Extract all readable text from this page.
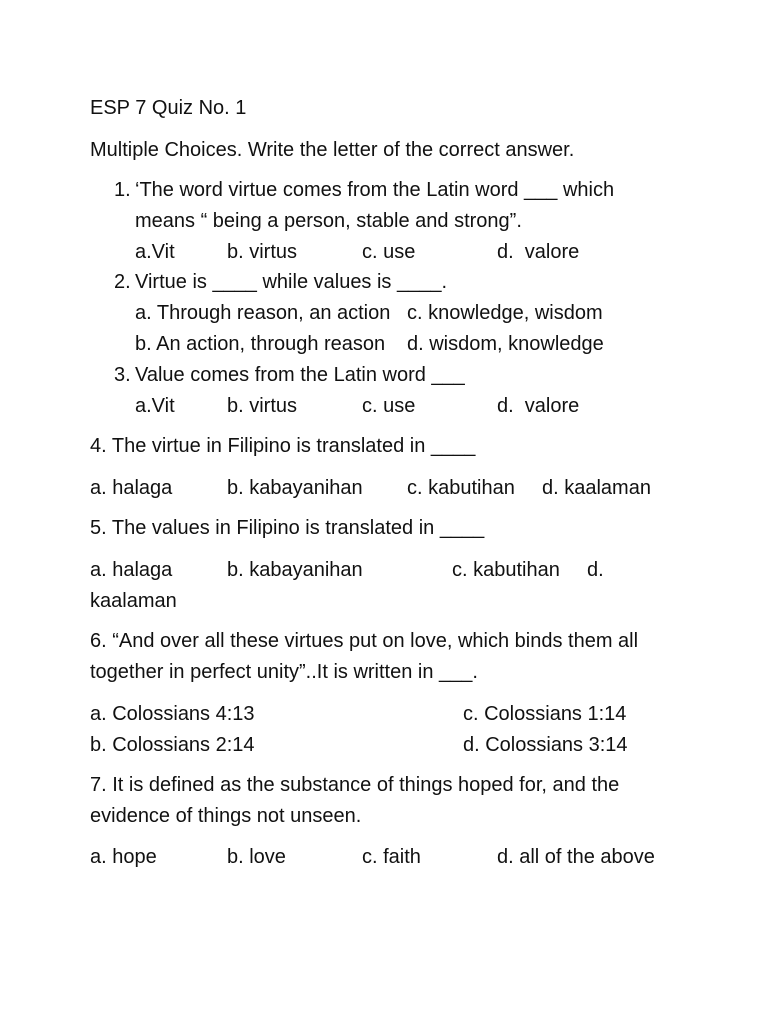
ESP 7 Quiz No. 1
Multiple Choices. Write the letter of the correct answer.
1. ‘The word virtue comes from the Latin word ___ which
means “ being a person, stable and strong”.

a.Vit

	b. virtus

	c. use

	d.  valore

2. Virtue is ____ while values is ____.

a. Through reason, an action

c. knowledge, wisdom

b. An action, through reason

d. wisdom, knowledge

3. Value comes from the Latin word ___

a.Vit

	b. virtus

	c. use

	d.  valore

4. The virtue in Filipino is translated in ____

a. halaga

	b. kabayanihan

c. kabutihan

d. kaalaman

5. The values in Filipino is translated in ____

a. halaga

	b. kabayanihan

	c. kabutihan

d.

kaalaman
6. “And over all these virtues put on love, which binds them all
together in perfect unity”..It is written in ___.

a. Colossians 4:13

	c. Colossians 1:14

b. Colossians 2:14

	d. Colossians 3:14

7. It is defined as the substance of things hoped for, and the
evidence of things not unseen.

a. hope

	b. love

	c. faith

	d. all of the above
